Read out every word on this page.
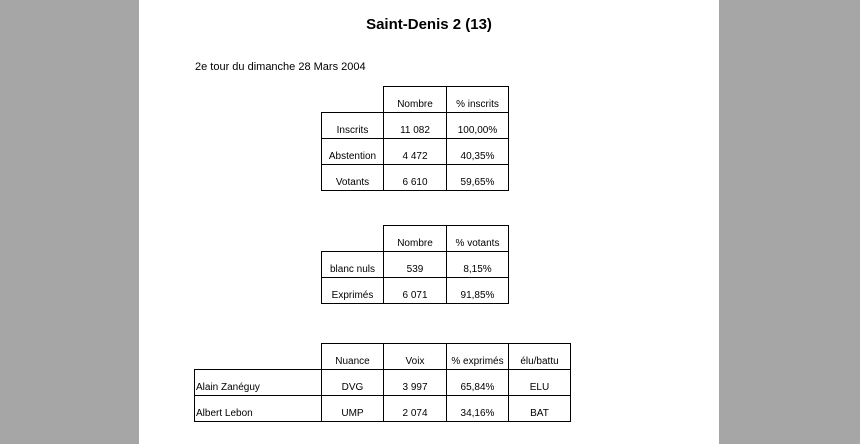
Saint-Denis 2 (13)
2e tour du dimanche 28 Mars 2004

	Nombre	% inscrits

Inscrits	11 082	100,00%

Abstention	4 472	40,35%

Votants	6 610	59,65%

	Nombre	% votants

blanc nuls	539	8,15%

Exprimés	6 071	91,85%

	Nuance	Voix	% exprimés	élu/battu

Alain Zanéguy	DVG	3 997	65,84%	ELU

Albert Lebon	UMP	2 074	34,16%	BAT
